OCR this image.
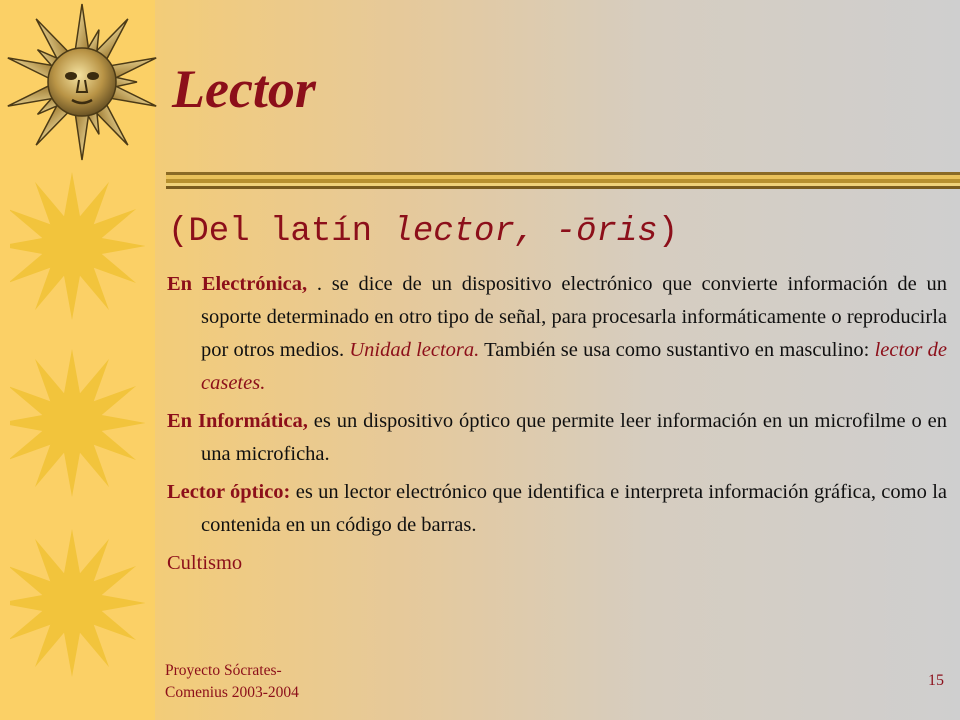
Lector
(Del latín lector, -ōris)

En Electrónica, . se dice de un dispositivo electrónico que convierte información de un soporte determinado en otro tipo de señal, para procesarla informáticamente o reproducirla por otros medios. Unidad lectora. También se usa como sustantivo en masculino: lector de casetes.

En Informática, es un dispositivo óptico que permite leer información en un microfilme o en una microficha.

Lector óptico: es un lector electrónico que identifica e interpreta información gráfica, como la contenida en un código de barras.

Cultismo

Proyecto Sócrates-
Comenius 2003-2004
15
